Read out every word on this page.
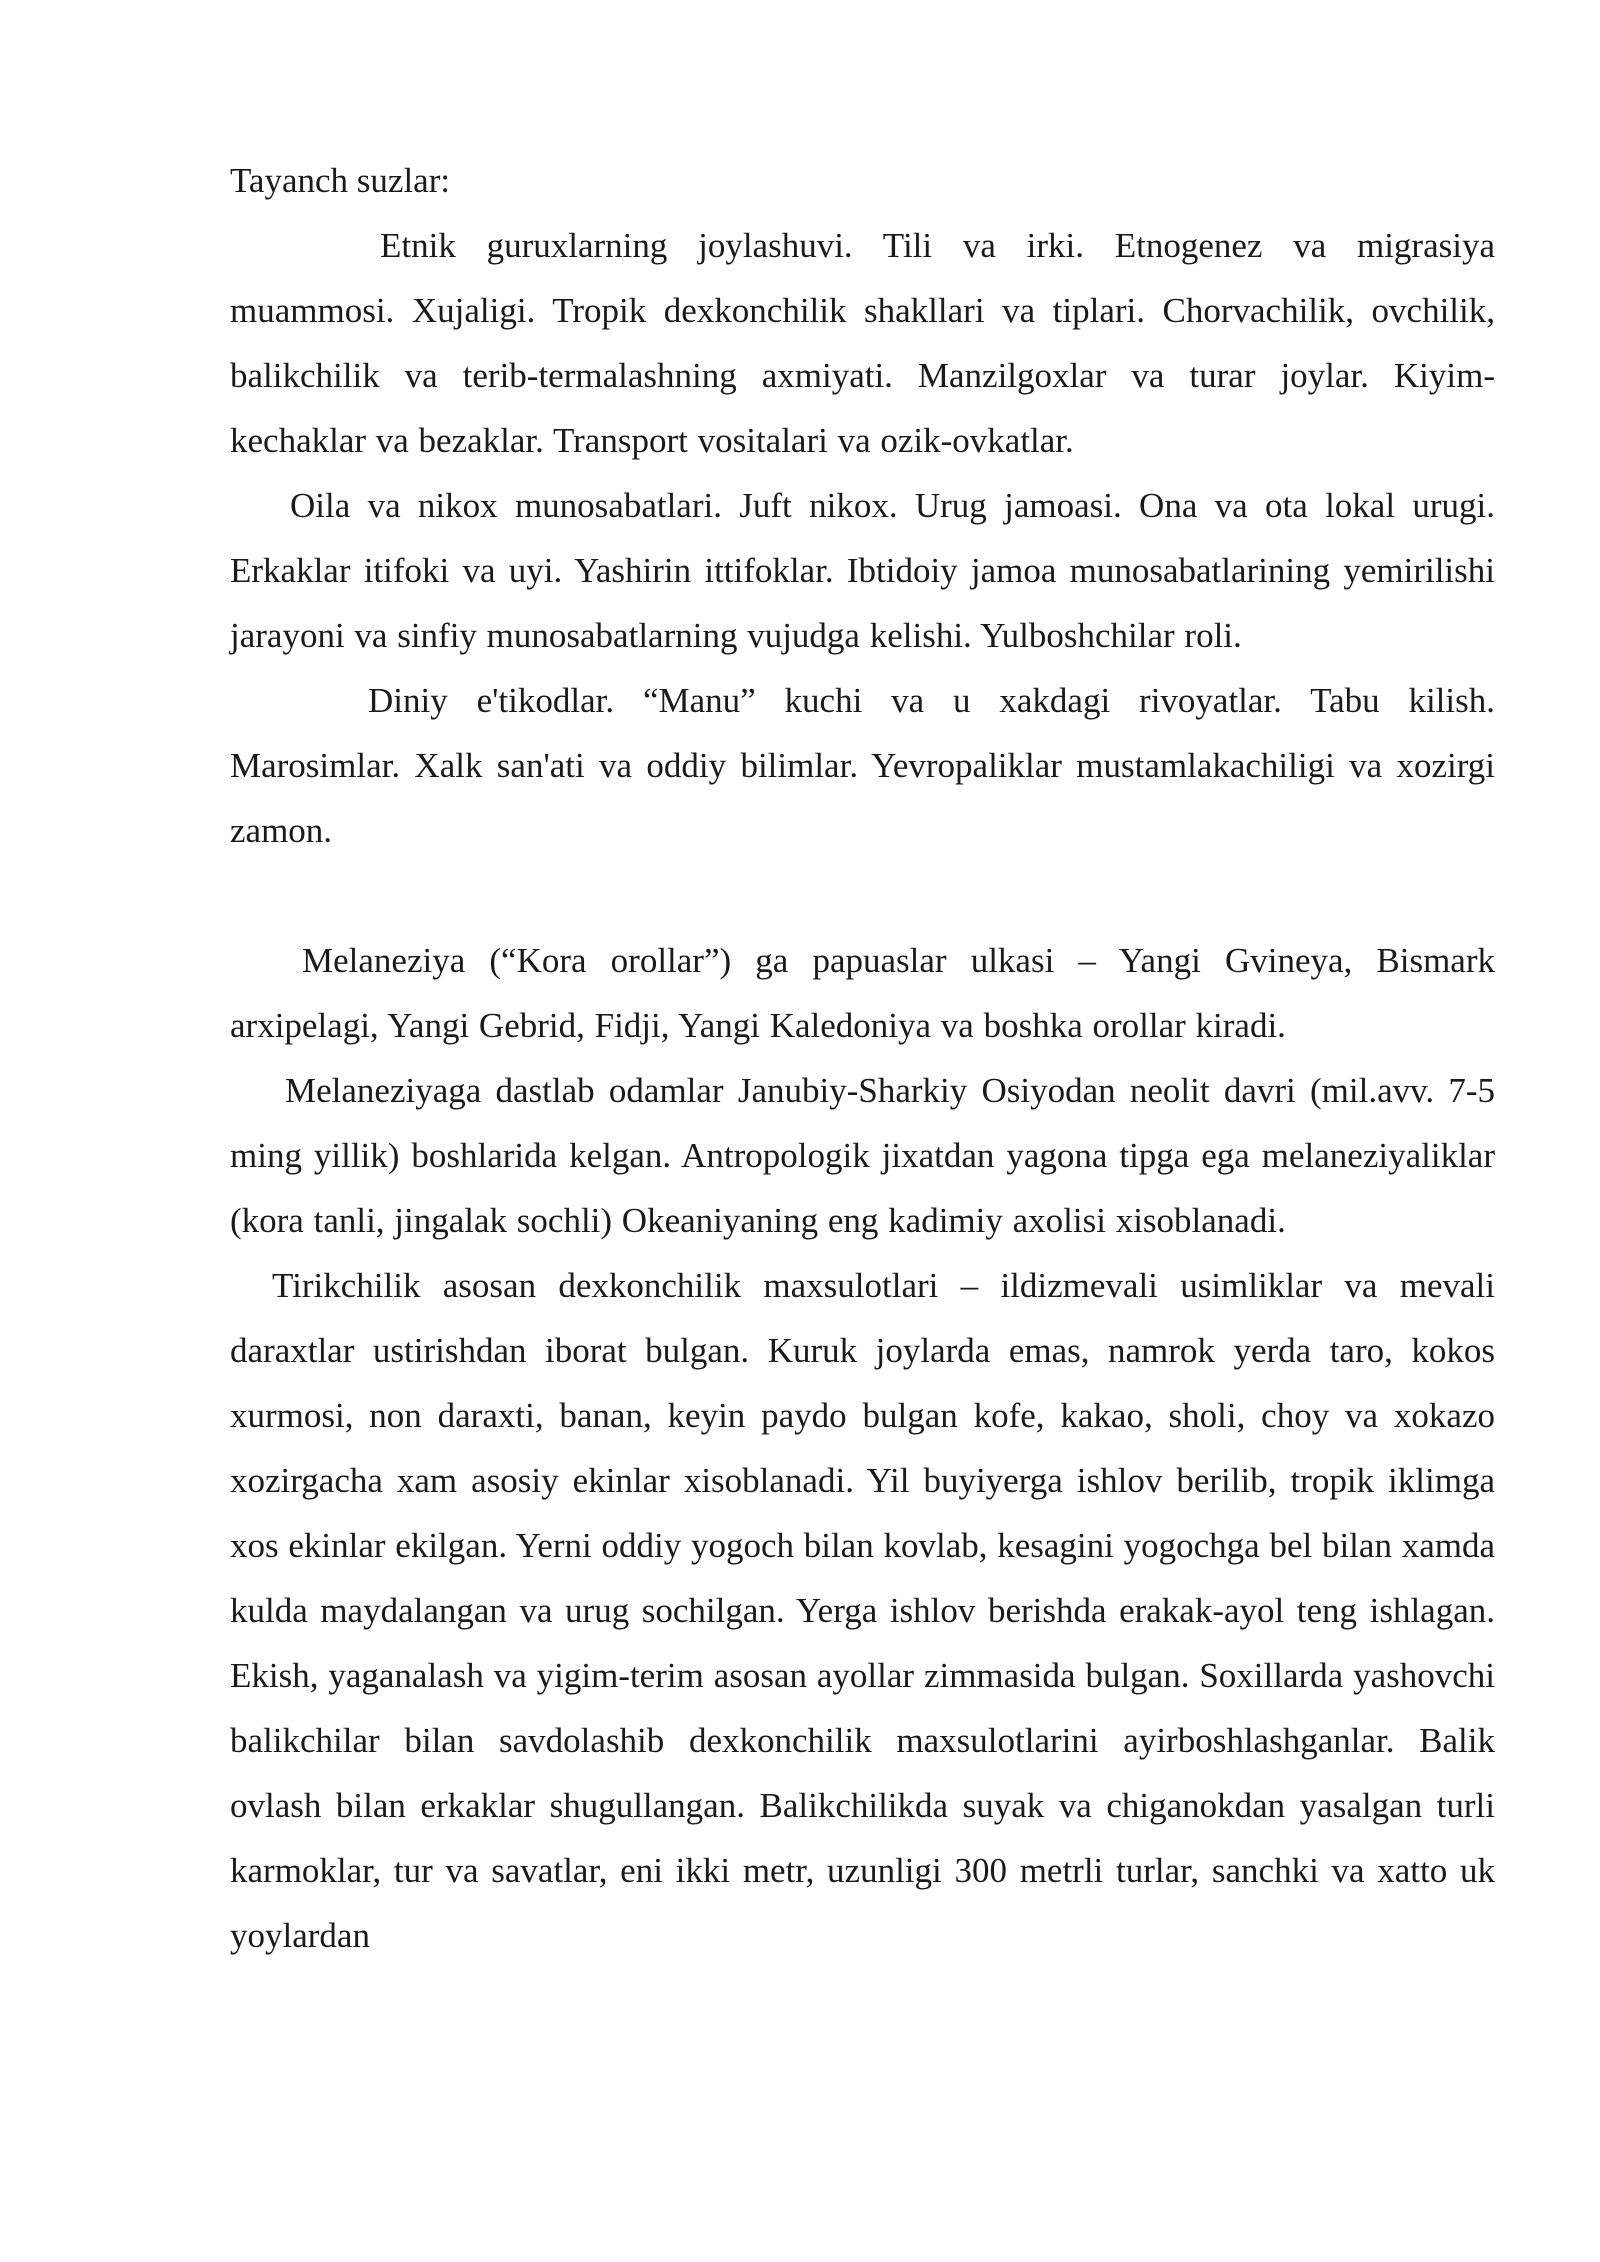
Tayanch suzlar:

Etnik guruxlarning joylashuvi. Tili va irki. Etnogenez va migrasiya muammosi. Xujaligi. Tropik dexkonchilik shakllari va tiplari. Chorvachilik, ovchilik, balikchilik va terib-termalashning axmiyati. Manzilgoxlar va turar joylar. Kiyim-kechaklar va bezaklar. Transport vositalari va ozik-ovkatlar.

Oila va nikox munosabatlari. Juft nikox. Urug jamoasi. Ona va ota lokal urugi. Erkaklar itifoki va uyi. Yashirin ittifoklar. Ibtidoiy jamoa munosabatlarining yemirilishi jarayoni va sinfiy munosabatlarning vujudga kelishi. Yulboshchilar roli.

Diniy e'tikodlar. “Manu” kuchi va u xakdagi rivoyatlar. Tabu kilish. Marosimlar. Xalk san'ati va oddiy bilimlar. Yevropaliklar mustamlakachiligi va xozirgi zamon.

Melaneziya (“Kora orollar”) ga papuaslar ulkasi – Yangi Gvineya, Bismark arxipelagi, Yangi Gebrid, Fidji, Yangi Kaledoniya va boshka orollar kiradi.

Melaneziyaga dastlab odamlar Janubiy-Sharkiy Osiyodan neolit davri (mil.avv. 7-5 ming yillik) boshlarida kelgan. Antropologik jixatdan yagona tipga ega melaneziyaliklar (kora tanli, jingalak sochli) Okeaniyaning eng kadimiy axolisi xisoblanadi.

Tirikchilik asosan dexkonchilik maxsulotlari – ildizmevali usimliklar va mevali daraxtlar ustirishdan iborat bulgan. Kuruk joylarda emas, namrok yerda taro, kokos xurmosi, non daraxti, banan, keyin paydo bulgan kofe, kakao, sholi, choy va xokazo xozirgacha xam asosiy ekinlar xisoblanadi. Yil buyiyerga ishlov berilib, tropik iklimga xos ekinlar ekilgan. Yerni oddiy yogoch bilan kovlab, kesagini yogochga bel bilan xamda kulda maydalangan va urug sochilgan. Yerga ishlov berishda erakak-ayol teng ishlagan. Ekish, yaganalash va yigim-terim asosan ayollar zimmasida bulgan. Soxillarda yashovchi balikchilar bilan savdolashib dexkonchilik maxsulotlarini ayirboshlashganlar. Balik ovlash bilan erkaklar shugullangan. Balikchilikda suyak va chiganokdan yasalgan turli karmoklar, tur va savatlar, eni ikki metr, uzunligi 300 metrli turlar, sanchki va xatto uk yoylardan
